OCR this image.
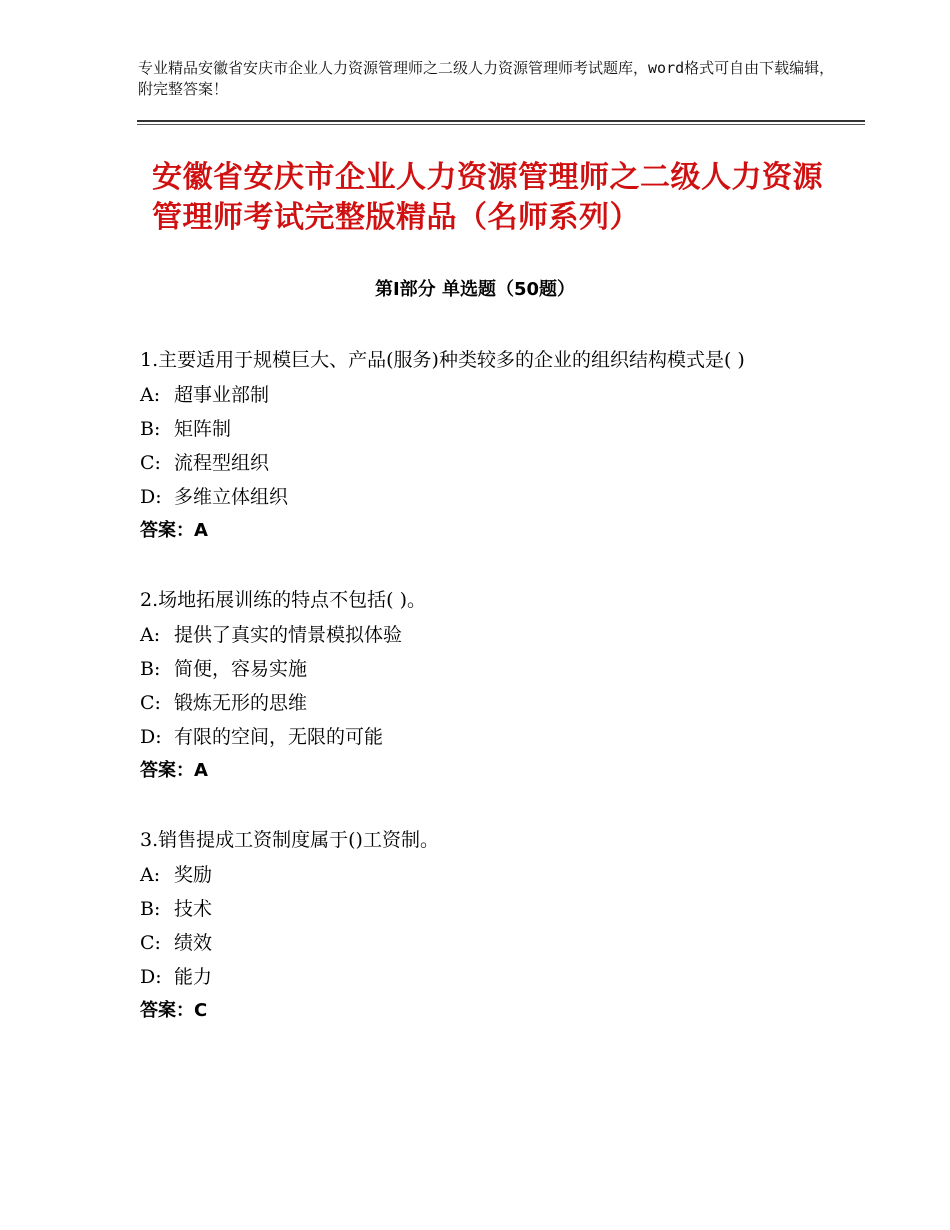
专业精品安徽省安庆市企业人力资源管理师之二级人力资源管理师考试题库，word格式可自由下载编辑，附完整答案！
安徽省安庆市企业人力资源管理师之二级人力资源管理师考试完整版精品（名师系列）
第Ⅰ部分 单选题（50题）
1.主要适用于规模巨大、产品(服务)种类较多的企业的组织结构模式是( )
A: 超事业部制
B: 矩阵制
C: 流程型组织
D: 多维立体组织
答案：A
2.场地拓展训练的特点不包括( )。
A: 提供了真实的情景模拟体验
B: 简便，容易实施
C: 锻炼无形的思维
D: 有限的空间，无限的可能
答案：A
3.销售提成工资制度属于()工资制。
A: 奖励
B: 技术
C: 绩效
D: 能力
答案：C
